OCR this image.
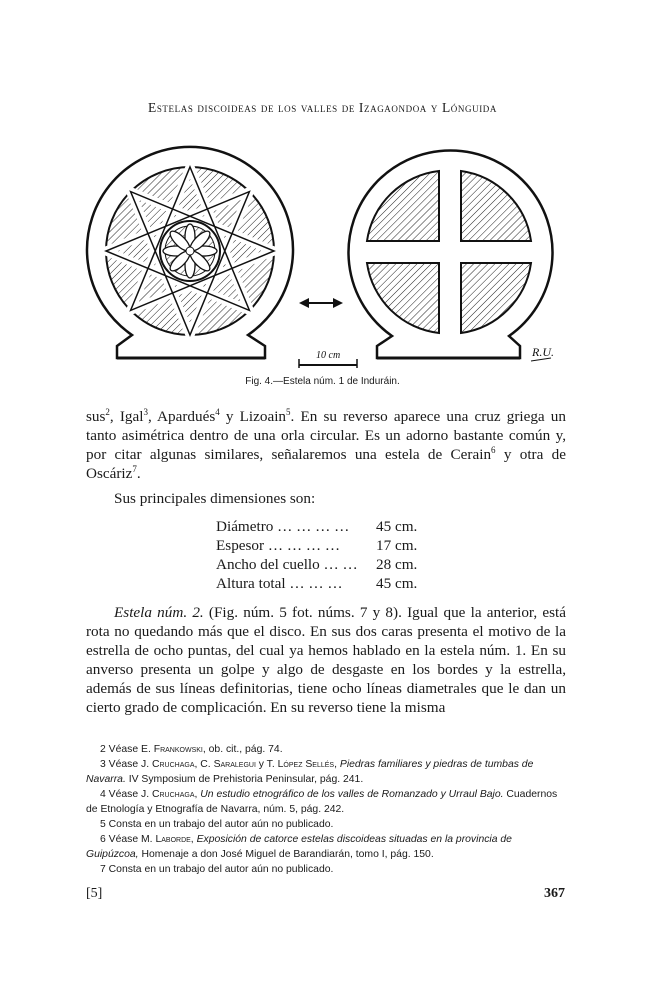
Estelas discoideas de los valles de Izagaondoa y Lónguida
10 cm	R.U.
Fig. 4.—Estela núm. 1 de Induráin.

sus$^2$, Igal$^3$, Apardués$^4$ y Lizoain$^5$. En su reverso aparece una cruz griega un tanto asimétrica dentro de una orla circular. Es un adorno bastante común y, por citar algunas similares, señalaremos una estela de Cerain$^6$ y otra de Oscáriz$^7$.

Sus principales dimensiones son:

Diámetro … … … …	45 cm.
Espesor … … … …	17 cm.
Ancho del cuello … …	28 cm.
Altura total … … …	45 cm.

Estela núm. 2. (Fig. núm. 5 fot. núms. 7 y 8). Igual que la anterior, está rota no quedando más que el disco. En sus dos caras presenta el motivo de la estrella de ocho puntas, del cual ya hemos hablado en la estela núm. 1. En su anverso presenta un golpe y algo de desgaste en los bordes y la estrella, además de sus líneas definitorias, tiene ocho líneas diametrales que le dan un cierto grado de complicación. En su reverso tiene la misma

2 Véase E. Frankowski, ob. cit., pág. 74.

3 Véase J. Cruchaga, C. Saralegui y T. López Sellés, Piedras familiares y piedras de tumbas de Navarra. IV Symposium de Prehistoria Peninsular, pág. 241.

4 Véase J. Cruchaga, Un estudio etnográfico de los valles de Romanzado y Urraul Bajo. Cuadernos de Etnología y Etnografía de Navarra, núm. 5, pág. 242.

5 Consta en un trabajo del autor aún no publicado.

6 Véase M. Laborde, Exposición de catorce estelas discoideas situadas en la provincia de Guipúzcoa, Homenaje a don José Miguel de Barandiarán, tomo I, pág. 150.

7 Consta en un trabajo del autor aún no publicado.

[5]	367
